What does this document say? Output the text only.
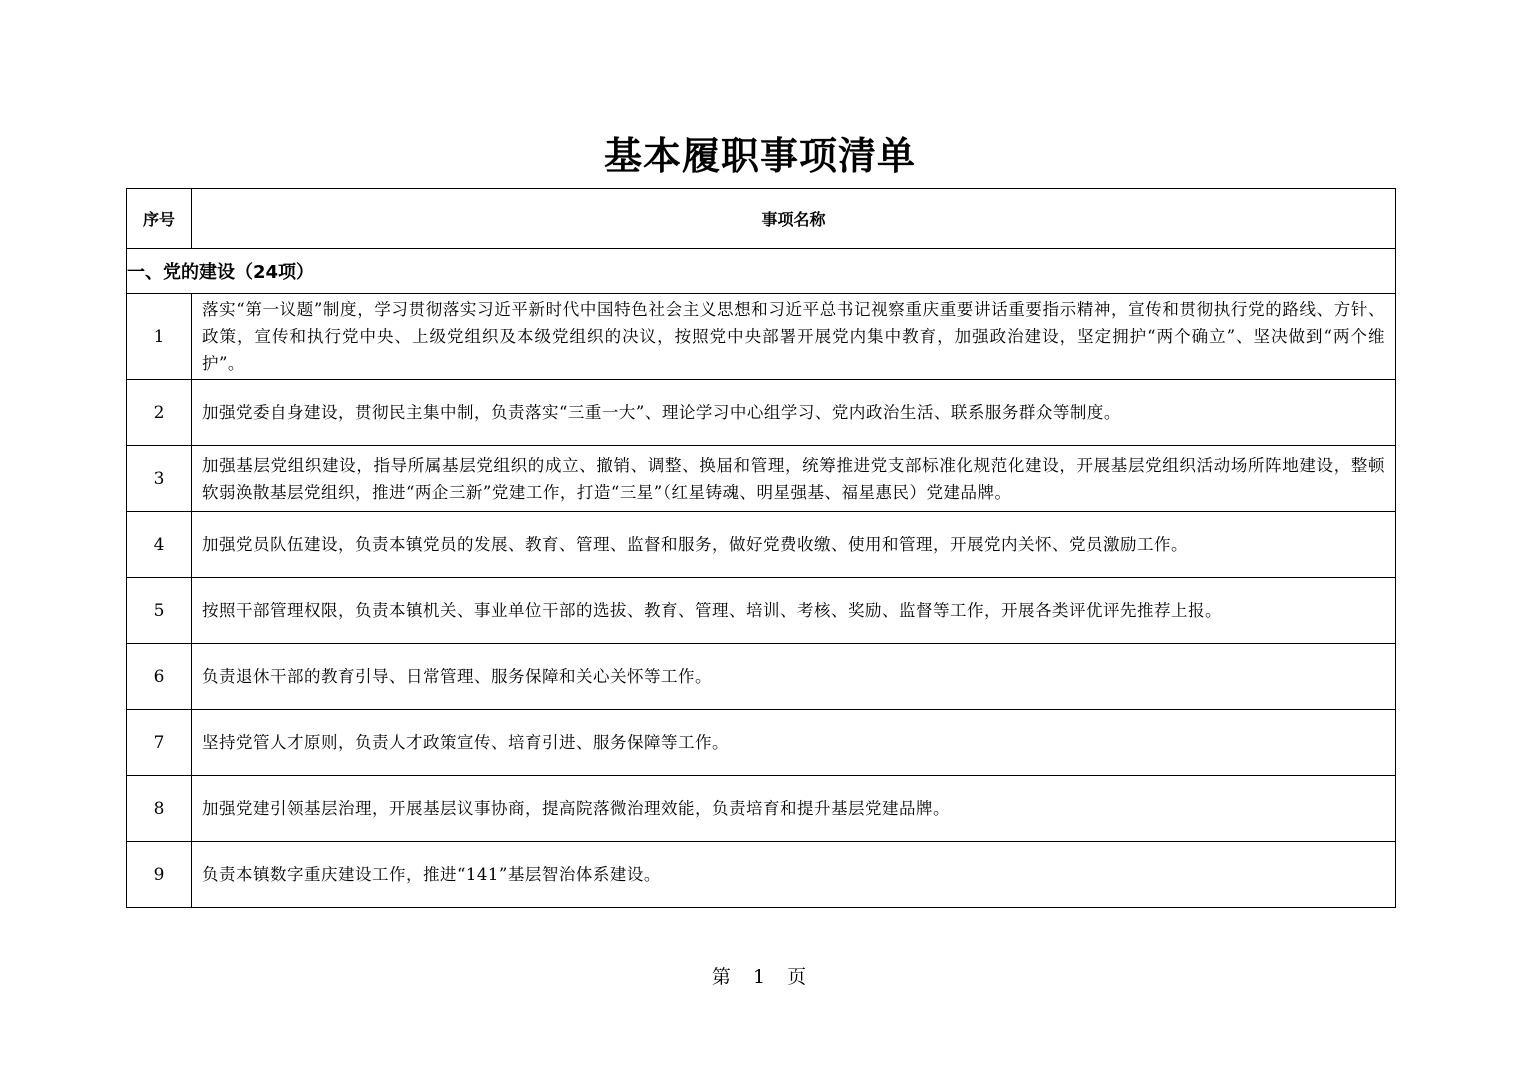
基本履职事项清单
序号	事项名称
一、党的建设（24项）	
1	落实“第一议题”制度，学习贯彻落实习近平新时代中国特色社会主义思想和习近平总书记视察重庆重要讲话重要指示精神，宣传和贯彻执行党的路线、方针、政策，宣传和执行党中央、上级党组织及本级党组织的决议，按照党中央部署开展党内集中教育，加强政治建设，坚定拥护“两个确立”、坚决做到“两个维护”。
2	加强党委自身建设，贯彻民主集中制，负责落实“三重一大”、理论学习中心组学习、党内政治生活、联系服务群众等制度。
3	加强基层党组织建设，指导所属基层党组织的成立、撤销、调整、换届和管理，统筹推进党支部标准化规范化建设，开展基层党组织活动场所阵地建设，整顿软弱涣散基层党组织，推进“两企三新”党建工作，打造“三星”（红星铸魂、明星强基、福星惠民）党建品牌。
4	加强党员队伍建设，负责本镇党员的发展、教育、管理、监督和服务，做好党费收缴、使用和管理，开展党内关怀、党员激励工作。
5	按照干部管理权限，负责本镇机关、事业单位干部的选拔、教育、管理、培训、考核、奖励、监督等工作，开展各类评优评先推荐上报。
6	负责退休干部的教育引导、日常管理、服务保障和关心关怀等工作。
7	坚持党管人才原则，负责人才政策宣传、培育引进、服务保障等工作。
8	加强党建引领基层治理，开展基层议事协商，提高院落微治理效能，负责培育和提升基层党建品牌。
9	负责本镇数字重庆建设工作，推进“141”基层智治体系建设。
第 1 页
